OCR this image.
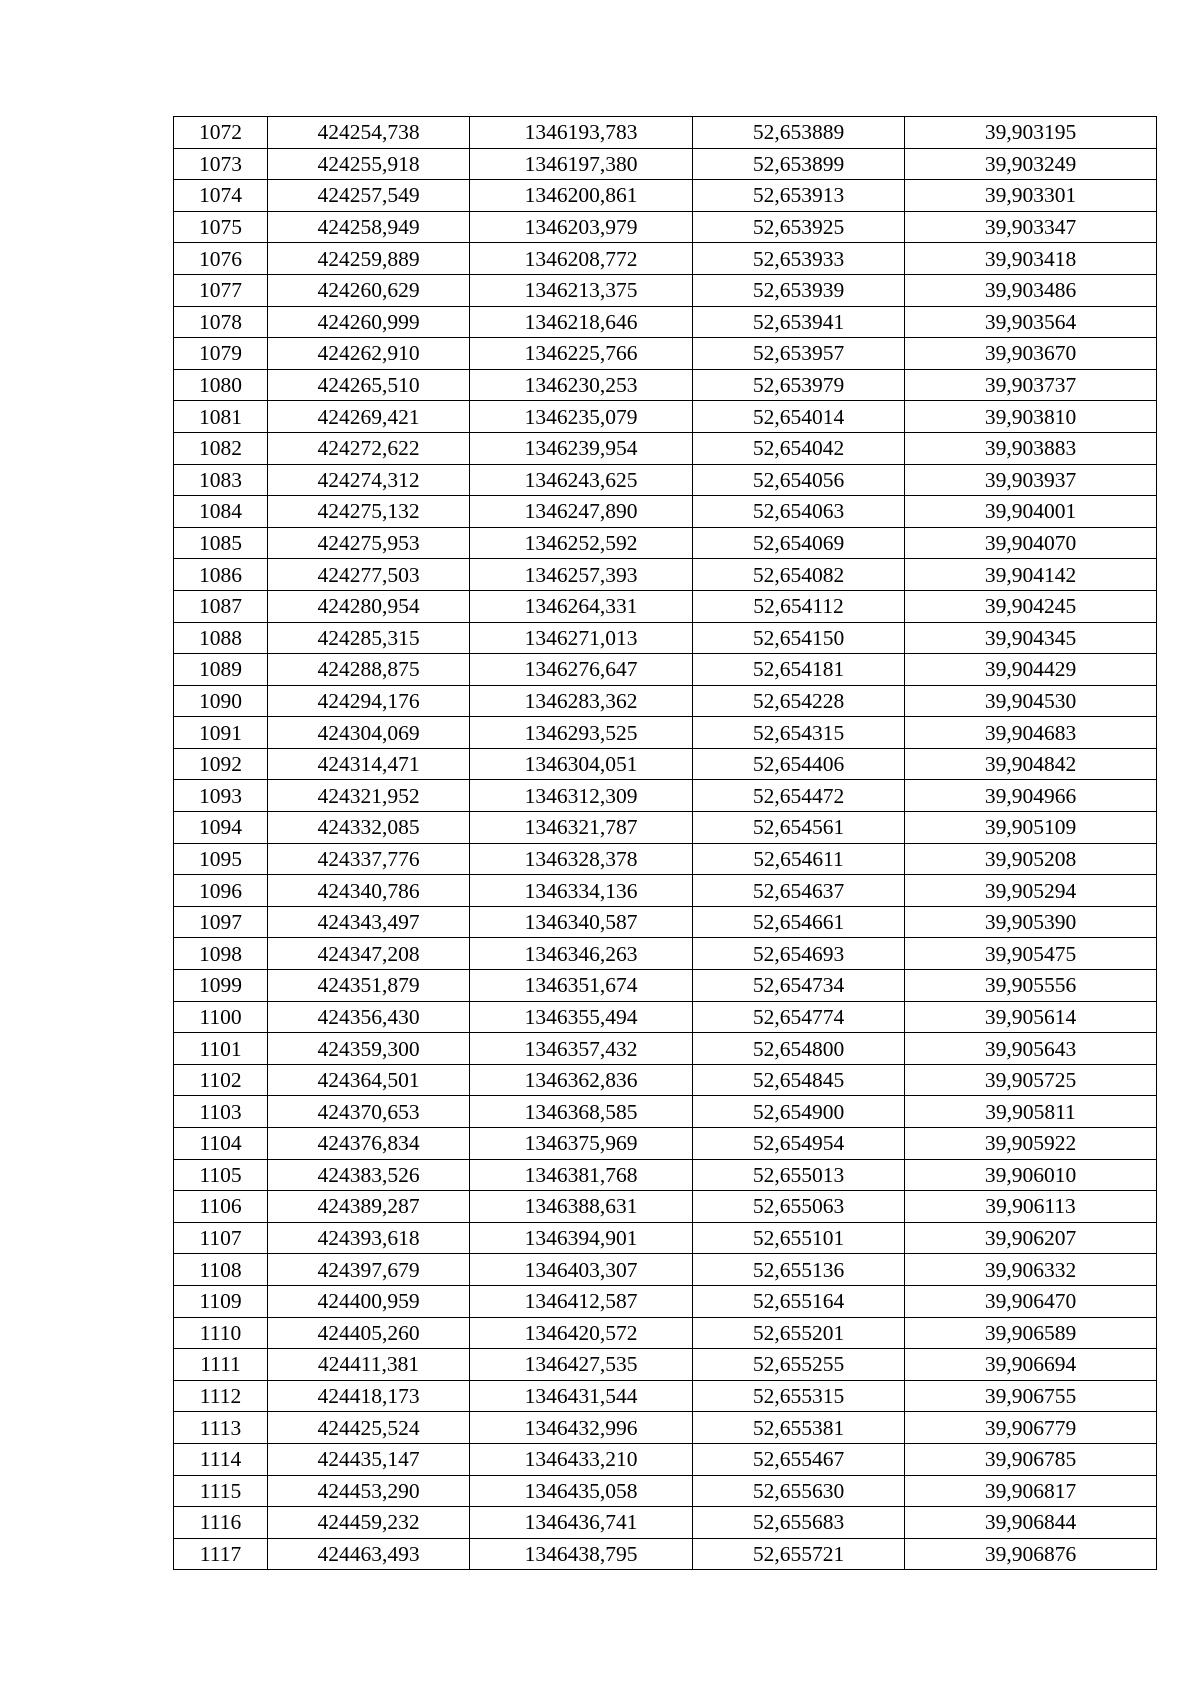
1072	424254,738	1346193,783	52,653889	39,903195
1073	424255,918	1346197,380	52,653899	39,903249
1074	424257,549	1346200,861	52,653913	39,903301
1075	424258,949	1346203,979	52,653925	39,903347
1076	424259,889	1346208,772	52,653933	39,903418
1077	424260,629	1346213,375	52,653939	39,903486
1078	424260,999	1346218,646	52,653941	39,903564
1079	424262,910	1346225,766	52,653957	39,903670
1080	424265,510	1346230,253	52,653979	39,903737
1081	424269,421	1346235,079	52,654014	39,903810
1082	424272,622	1346239,954	52,654042	39,903883
1083	424274,312	1346243,625	52,654056	39,903937
1084	424275,132	1346247,890	52,654063	39,904001
1085	424275,953	1346252,592	52,654069	39,904070
1086	424277,503	1346257,393	52,654082	39,904142
1087	424280,954	1346264,331	52,654112	39,904245
1088	424285,315	1346271,013	52,654150	39,904345
1089	424288,875	1346276,647	52,654181	39,904429
1090	424294,176	1346283,362	52,654228	39,904530
1091	424304,069	1346293,525	52,654315	39,904683
1092	424314,471	1346304,051	52,654406	39,904842
1093	424321,952	1346312,309	52,654472	39,904966
1094	424332,085	1346321,787	52,654561	39,905109
1095	424337,776	1346328,378	52,654611	39,905208
1096	424340,786	1346334,136	52,654637	39,905294
1097	424343,497	1346340,587	52,654661	39,905390
1098	424347,208	1346346,263	52,654693	39,905475
1099	424351,879	1346351,674	52,654734	39,905556
1100	424356,430	1346355,494	52,654774	39,905614
1101	424359,300	1346357,432	52,654800	39,905643
1102	424364,501	1346362,836	52,654845	39,905725
1103	424370,653	1346368,585	52,654900	39,905811
1104	424376,834	1346375,969	52,654954	39,905922
1105	424383,526	1346381,768	52,655013	39,906010
1106	424389,287	1346388,631	52,655063	39,906113
1107	424393,618	1346394,901	52,655101	39,906207
1108	424397,679	1346403,307	52,655136	39,906332
1109	424400,959	1346412,587	52,655164	39,906470
1110	424405,260	1346420,572	52,655201	39,906589
1111	424411,381	1346427,535	52,655255	39,906694
1112	424418,173	1346431,544	52,655315	39,906755
1113	424425,524	1346432,996	52,655381	39,906779
1114	424435,147	1346433,210	52,655467	39,906785
1115	424453,290	1346435,058	52,655630	39,906817
1116	424459,232	1346436,741	52,655683	39,906844
1117	424463,493	1346438,795	52,655721	39,906876
